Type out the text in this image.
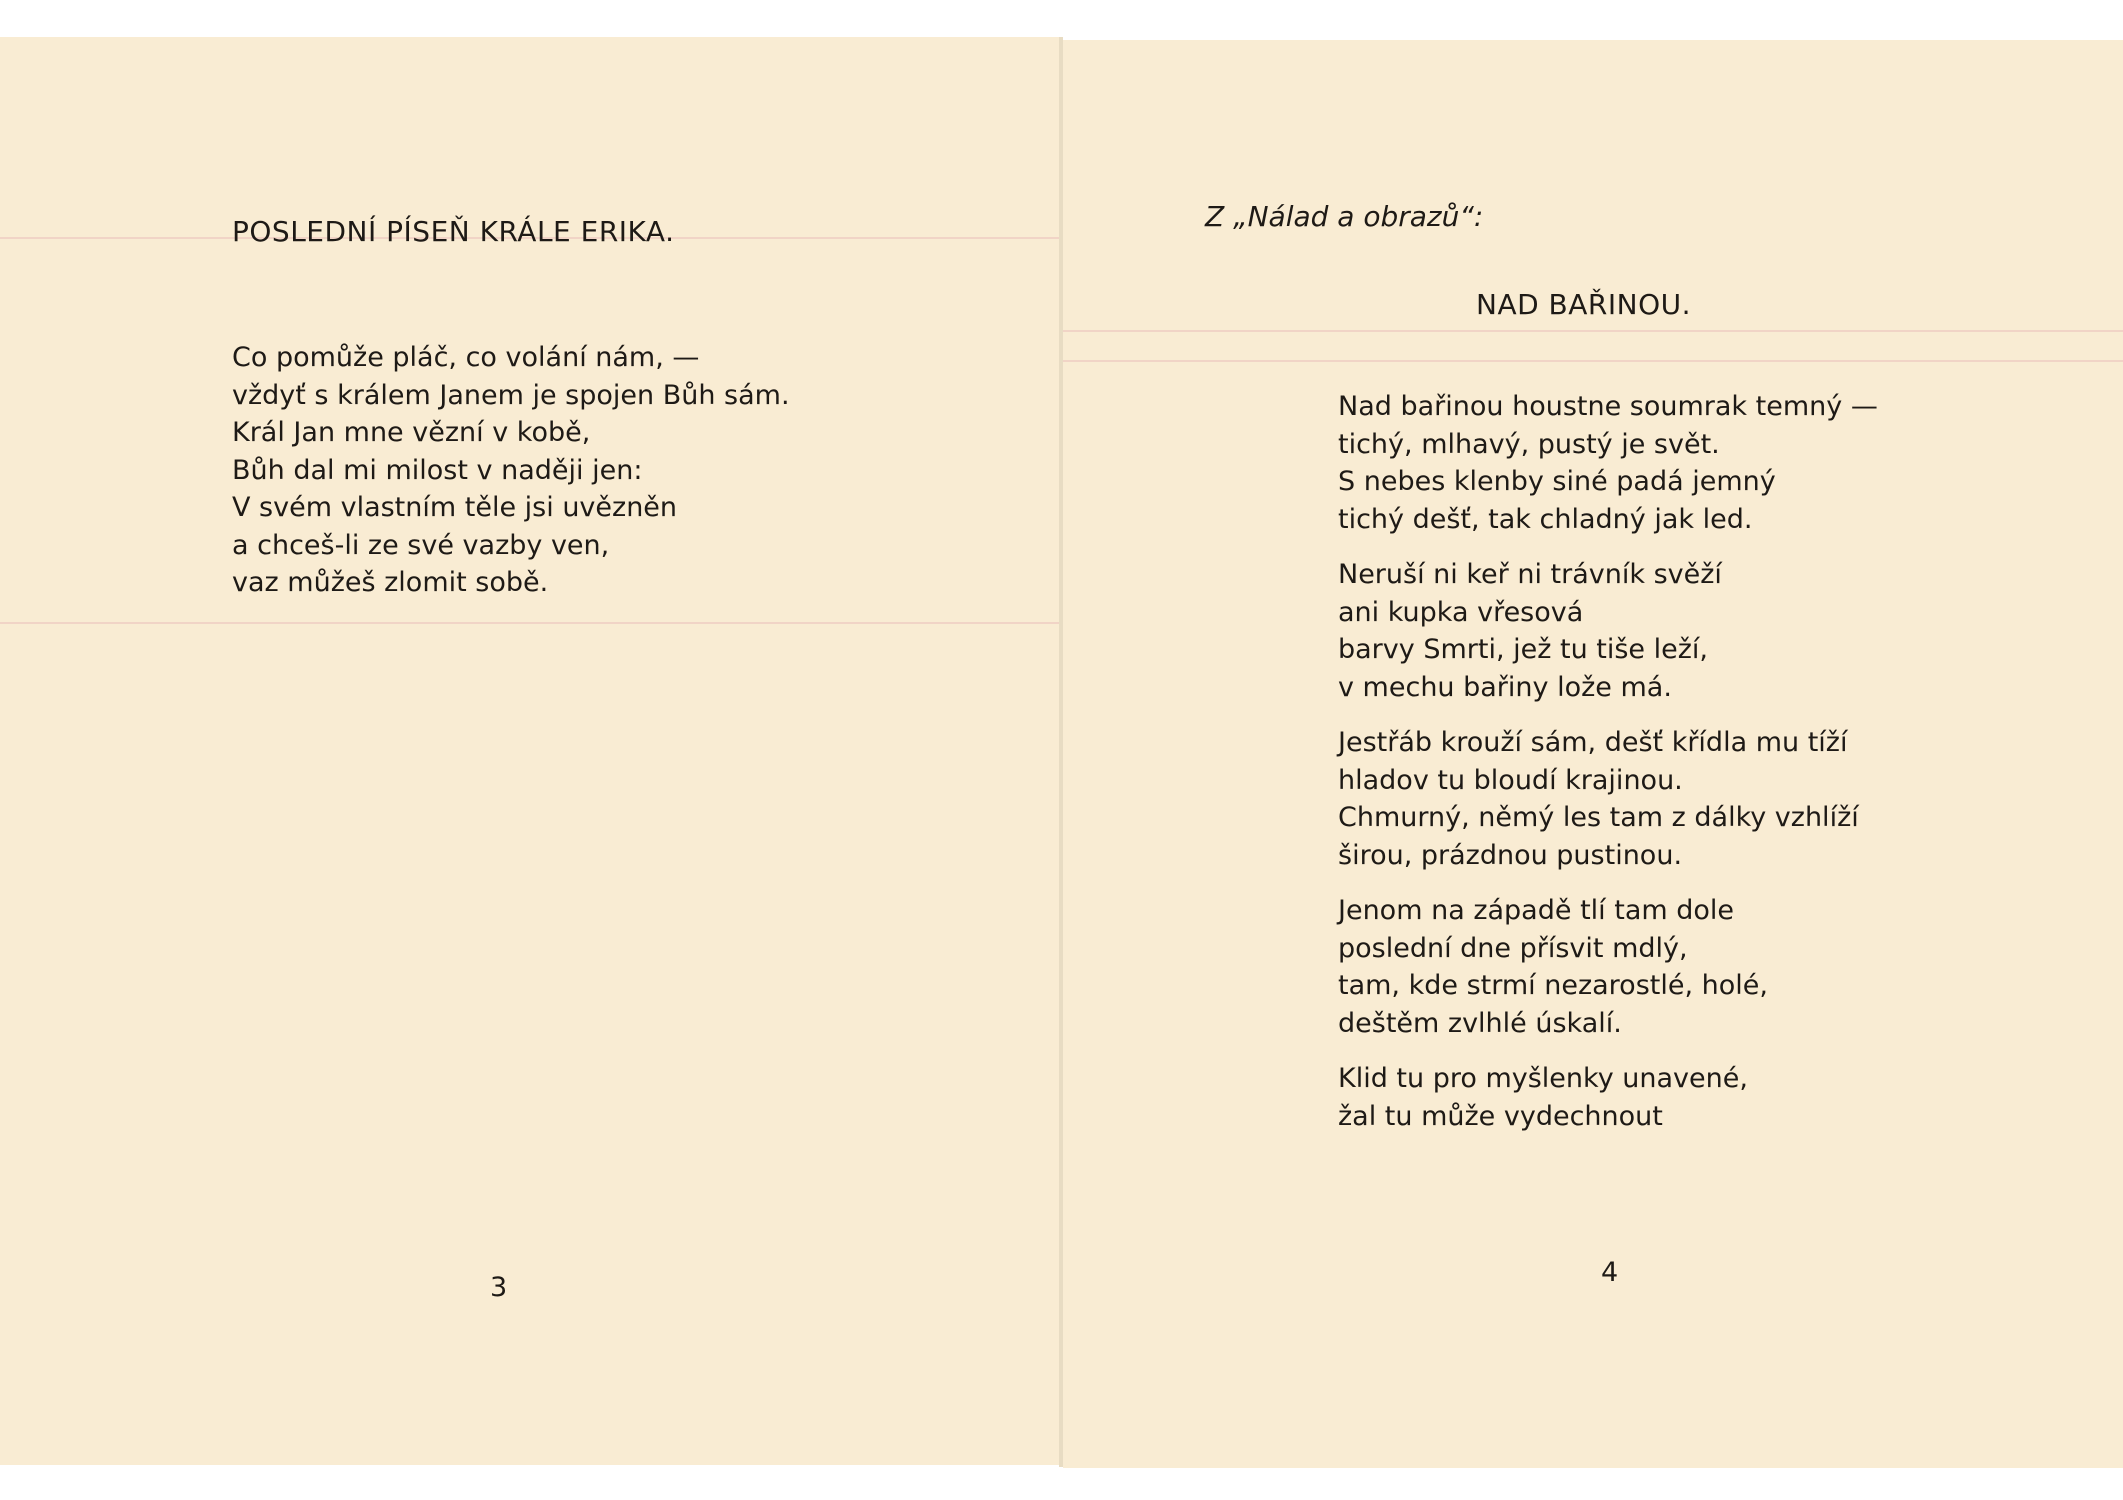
POSLEDNÍ PÍSEŇ KRÁLE ERIKA.
Co pomůže pláč, co volání nám, —
vždyť s králem Janem je spojen Bůh sám.
Král Jan mne vězní v kobě,
Bůh dal mi milost v naději jen:
V svém vlastním těle jsi uvězněn
a chceš-li ze své vazby ven,
vaz můžeš zlomit sobě.
3
Z „Nálad a obrazů“:
NAD BAŘINOU.
Nad bařinou houstne soumrak temný —
tichý, mlhavý, pustý je svět.
S nebes klenby siné padá jemný
tichý dešť, tak chladný jak led.
Neruší ni keř ni trávník svěží
ani kupka vřesová
barvy Smrti, jež tu tiše leží,
v mechu bařiny lože má.
Jestřáb krouží sám, dešť křídla mu tíží
hladov tu bloudí krajinou.
Chmurný, němý les tam z dálky vzhlíží
širou, prázdnou pustinou.
Jenom na západě tlí tam dole
poslední dne přísvit mdlý,
tam, kde strmí nezarostlé, holé,
deštěm zvlhlé úskalí.
Klid tu pro myšlenky unavené,
žal tu může vydechnout
4
